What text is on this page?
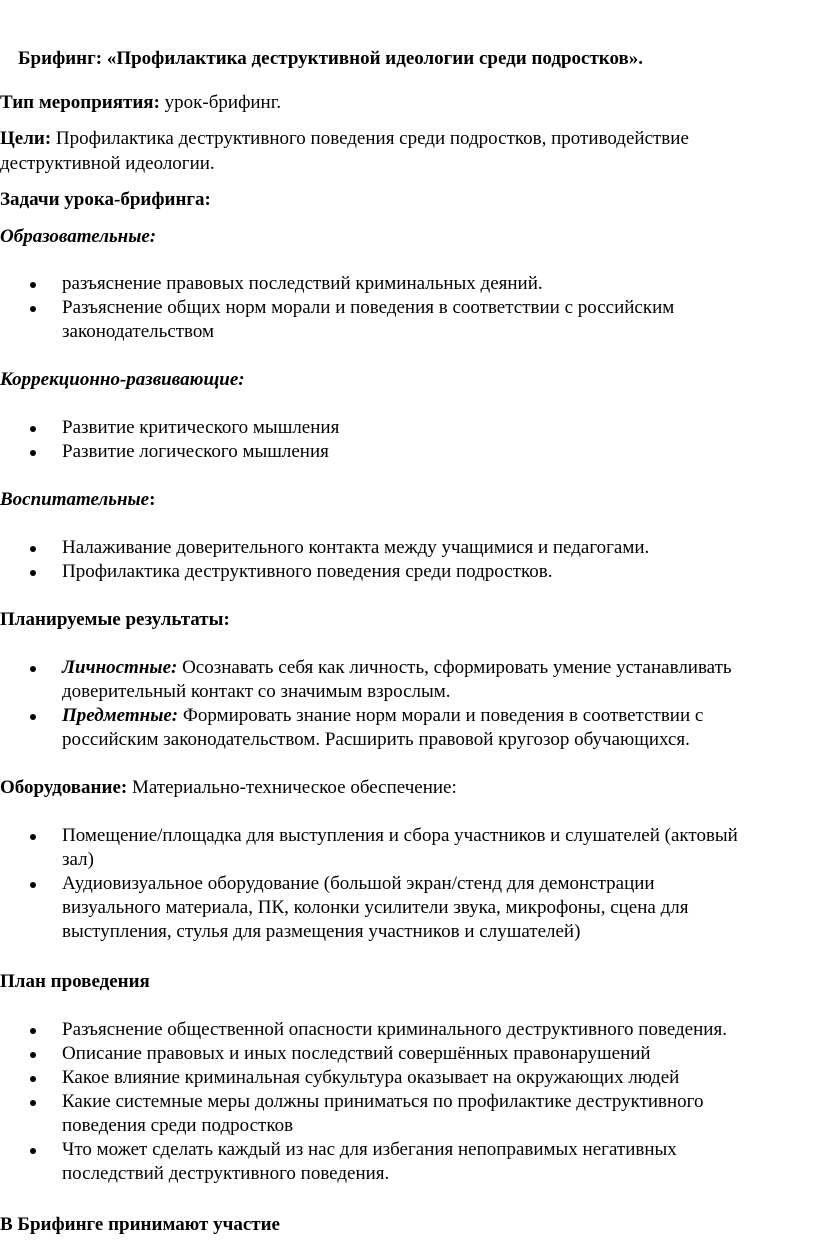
Брифинг: «Профилактика деструктивной идеологии среди подростков».
Тип мероприятия: урок-брифинг.
Цели: Профилактика деструктивного поведения среди подростков, противодействие
деструктивной идеологии.
Задачи урока-брифинга:
Образовательные:
разъяснение правовых последствий криминальных деяний.
Разъяснение общих норм морали и поведения в соответствии с российским
законодательством
Коррекционно-развивающие:
Развитие критического мышления
Развитие логического мышления
Воспитательные:
Налаживание доверительного контакта между учащимися и педагогами.
Профилактика деструктивного поведения среди подростков.
Планируемые результаты:
Личностные: Осознавать себя как личность, сформировать умение устанавливать
доверительный контакт со значимым взрослым.
Предметные: Формировать знание норм морали и поведения в соответствии с
российским законодательством. Расширить правовой кругозор обучающихся.
Оборудование: Материально-техническое обеспечение:
Помещение/площадка для выступления и сбора участников и слушателей (актовый
зал)
Аудиовизуальное оборудование (большой экран/стенд для демонстрации
визуального материала, ПК, колонки усилители звука, микрофоны, сцена для
выступления, стулья для размещения участников и слушателей)
План проведения
Разъяснение общественной опасности криминального деструктивного поведения.
Описание правовых и иных последствий совершённых правонарушений
Какое влияние криминальная субкультура оказывает на окружающих людей
Какие системные меры должны приниматься по профилактике деструктивного
поведения среди подростков
Что может сделать каждый из нас для избегания непоправимых негативных
последствий деструктивного поведения.
В Брифинге принимают участие
